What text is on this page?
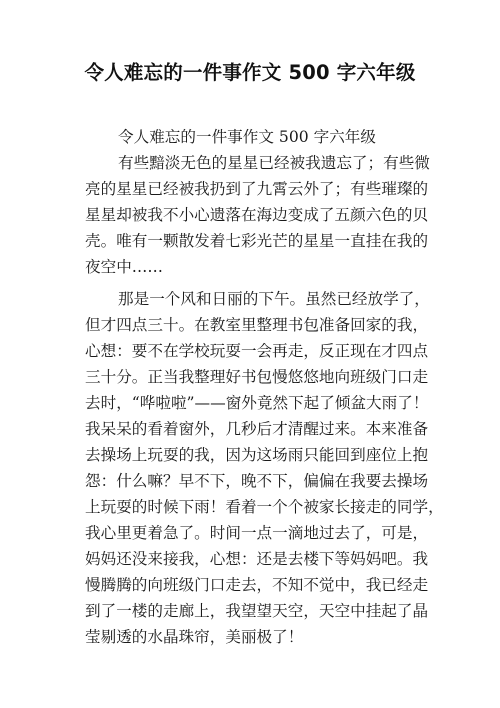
令人难忘的一件事作文 500 字六年级

令人难忘的一件事作文 500 字六年级

有些黯淡无色的星星已经被我遗忘了；有些微

亮的星星已经被我扔到了九霄云外了；有些璀璨的

星星却被我不小心遗落在海边变成了五颜六色的贝

壳。唯有一颗散发着七彩光芒的星星一直挂在我的

夜空中……

那是一个风和日丽的下午。虽然已经放学了，

但才四点三十。在教室里整理书包准备回家的我，

心想：要不在学校玩耍一会再走，反正现在才四点

三十分。正当我整理好书包慢悠悠地向班级门口走

去时，“哗啦啦”——窗外竟然下起了倾盆大雨了！

我呆呆的看着窗外，几秒后才清醒过来。本来准备

去操场上玩耍的我，因为这场雨只能回到座位上抱

怨：什么嘛？早不下，晚不下，偏偏在我要去操场

上玩耍的时候下雨！看着一个个被家长接走的同学，

我心里更着急了。时间一点一滴地过去了，可是，

妈妈还没来接我，心想：还是去楼下等妈妈吧。我

慢腾腾的向班级门口走去，不知不觉中，我已经走

到了一楼的走廊上，我望望天空，天空中挂起了晶

莹剔透的水晶珠帘，美丽极了！
